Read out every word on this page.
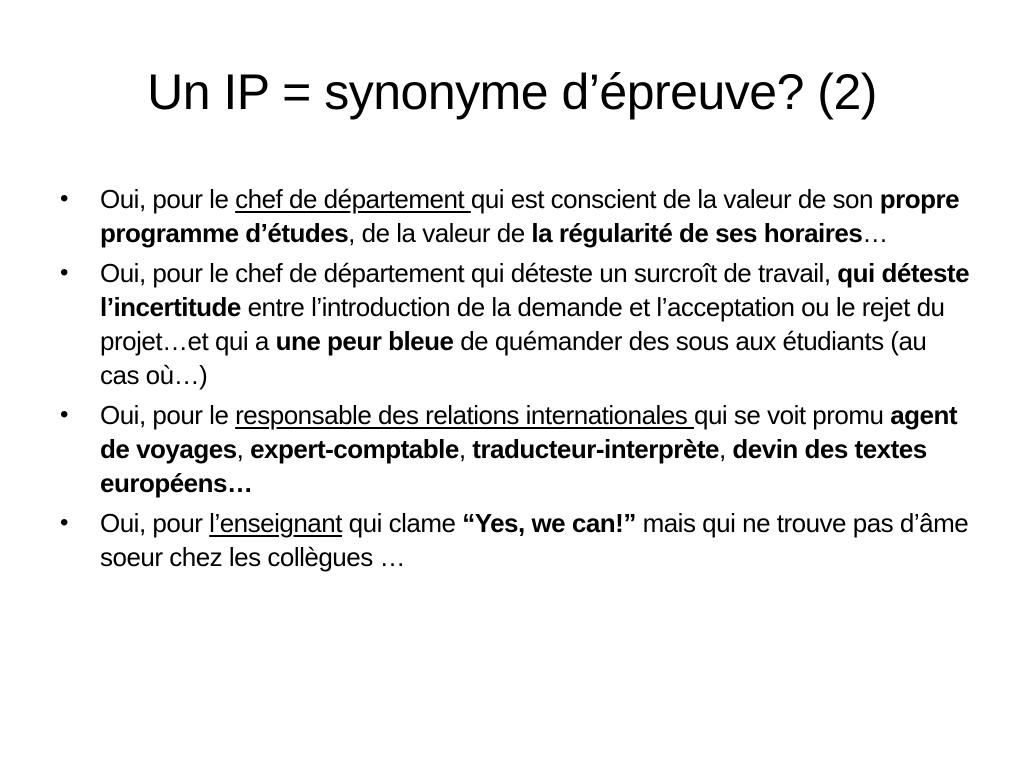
Un IP = synonyme d’épreuve? (2)
•	Oui, pour le chef de département qui est conscient de la valeur de son propre programme d’études, de la valeur de la régularité de ses horaires…
•	Oui, pour le chef de département qui déteste un surcroît de travail, qui déteste l’incertitude entre l’introduction de la demande et l’acceptation ou le rejet du projet…et qui a une peur bleue de quémander des sous aux étudiants (au cas où…)
•	Oui, pour le responsable des relations internationales qui se voit promu agent de voyages, expert-comptable, traducteur-interprète, devin des textes européens…
•	Oui, pour l’enseignant qui clame “Yes, we can!” mais qui ne trouve pas d’âme soeur chez les collègues …
